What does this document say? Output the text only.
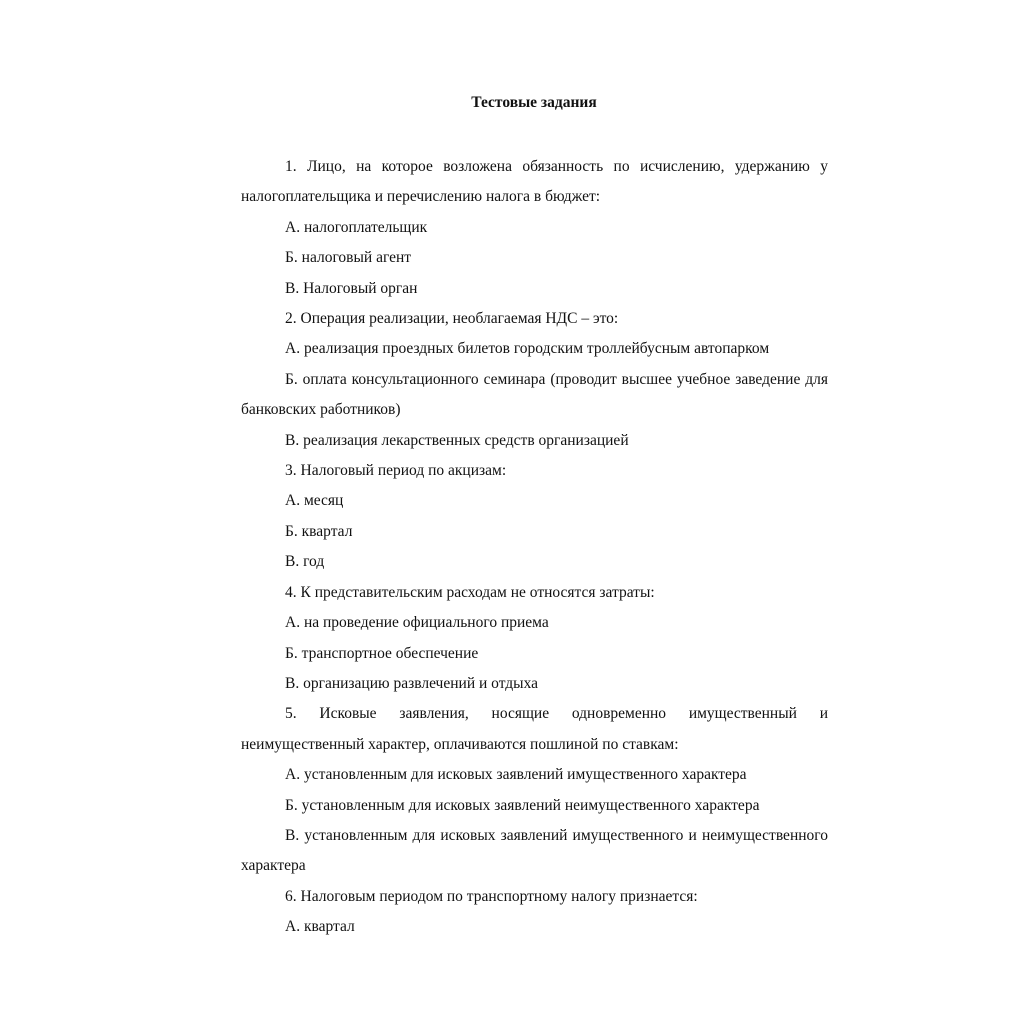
Тестовые задания

1. Лицо, на которое возложена обязанность по исчислению, удержанию у налогоплательщика и перечислению налога в бюджет:

А. налогоплательщик

Б. налоговый агент

В. Налоговый орган

2. Операция реализации, необлагаемая НДС – это:

А. реализация проездных билетов городским троллейбусным автопарком

Б. оплата консультационного семинара (проводит высшее учебное заведение для банковских работников)

В. реализация лекарственных средств организацией

3. Налоговый период по акцизам:

А. месяц

Б. квартал

В. год

4. К представительским расходам не относятся затраты:

А. на проведение официального приема

Б. транспортное обеспечение

В. организацию развлечений и отдыха

5. Исковые заявления, носящие одновременно имущественный и неимущественный характер, оплачиваются пошлиной по ставкам:

А. установленным для исковых заявлений имущественного характера

Б. установленным для исковых заявлений неимущественного характера

В. установленным для исковых заявлений имущественного и неимущественного характера

6. Налоговым периодом по транспортному налогу признается:

А. квартал
